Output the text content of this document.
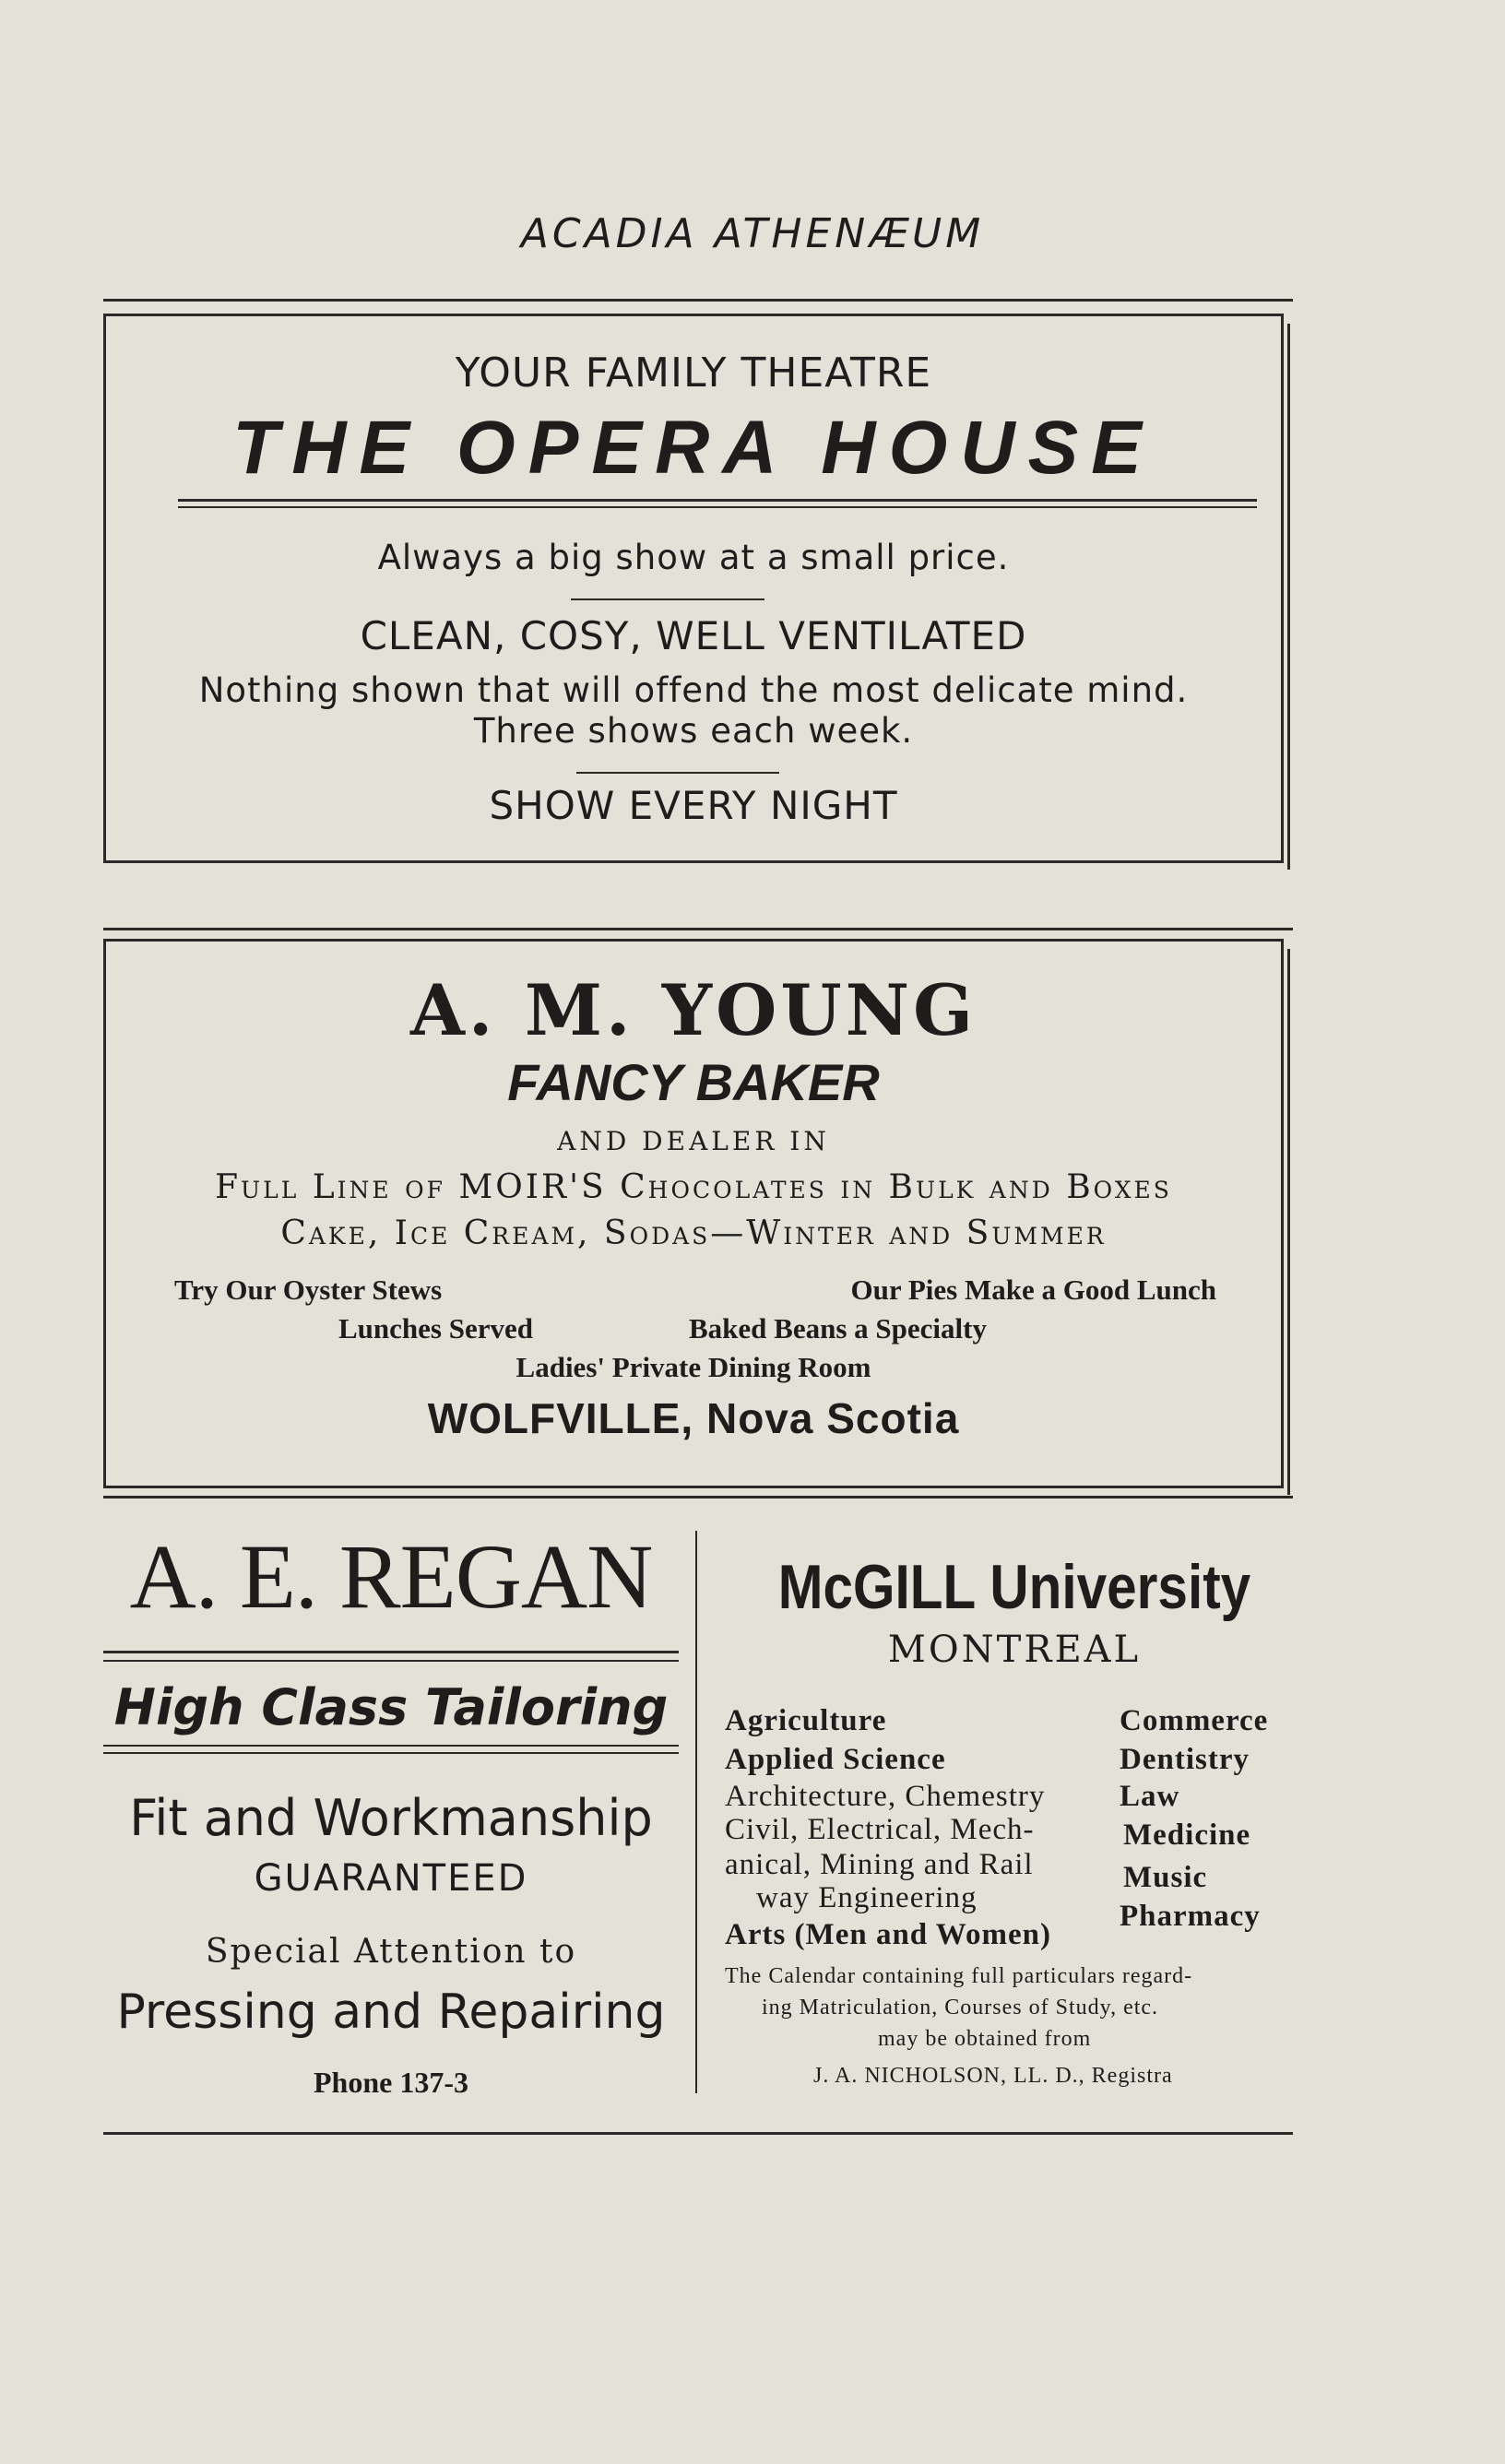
ACADIA ATHENÆUM
YOUR FAMILY THEATRE
THE OPERA HOUSE
Always a big show at a small price.
CLEAN, COSY, WELL VENTILATED
Nothing shown that will offend the most delicate mind.
Three shows each week.
SHOW EVERY NIGHT
A. M. YOUNG
FANCY BAKER
AND DEALER IN
Full Line of MOIR'S Chocolates in Bulk and Boxes
Cake, Ice Cream, Sodas—Winter and Summer
Try Our Oyster Stews	Our Pies Make a Good Lunch
Lunches Served	Baked Beans a Specialty
Ladies' Private Dining Room
WOLFVILLE, Nova Scotia
A. E. REGAN
High Class Tailoring
Fit and Workmanship
GUARANTEED
Special Attention to
Pressing and Repairing
Phone 137-3
McGILL University
MONTREAL
Agriculture
Applied Science
Architecture, Chemestry
Civil, Electrical, Mech-
anical, Mining and Rail
way Engineering
Arts (Men and Women)
Commerce
Dentistry
Law
Medicine
Music
Pharmacy
The Calendar containing full particulars regard-
ing Matriculation, Courses of Study, etc.
may be obtained from
J. A. NICHOLSON, LL. D., Registra
